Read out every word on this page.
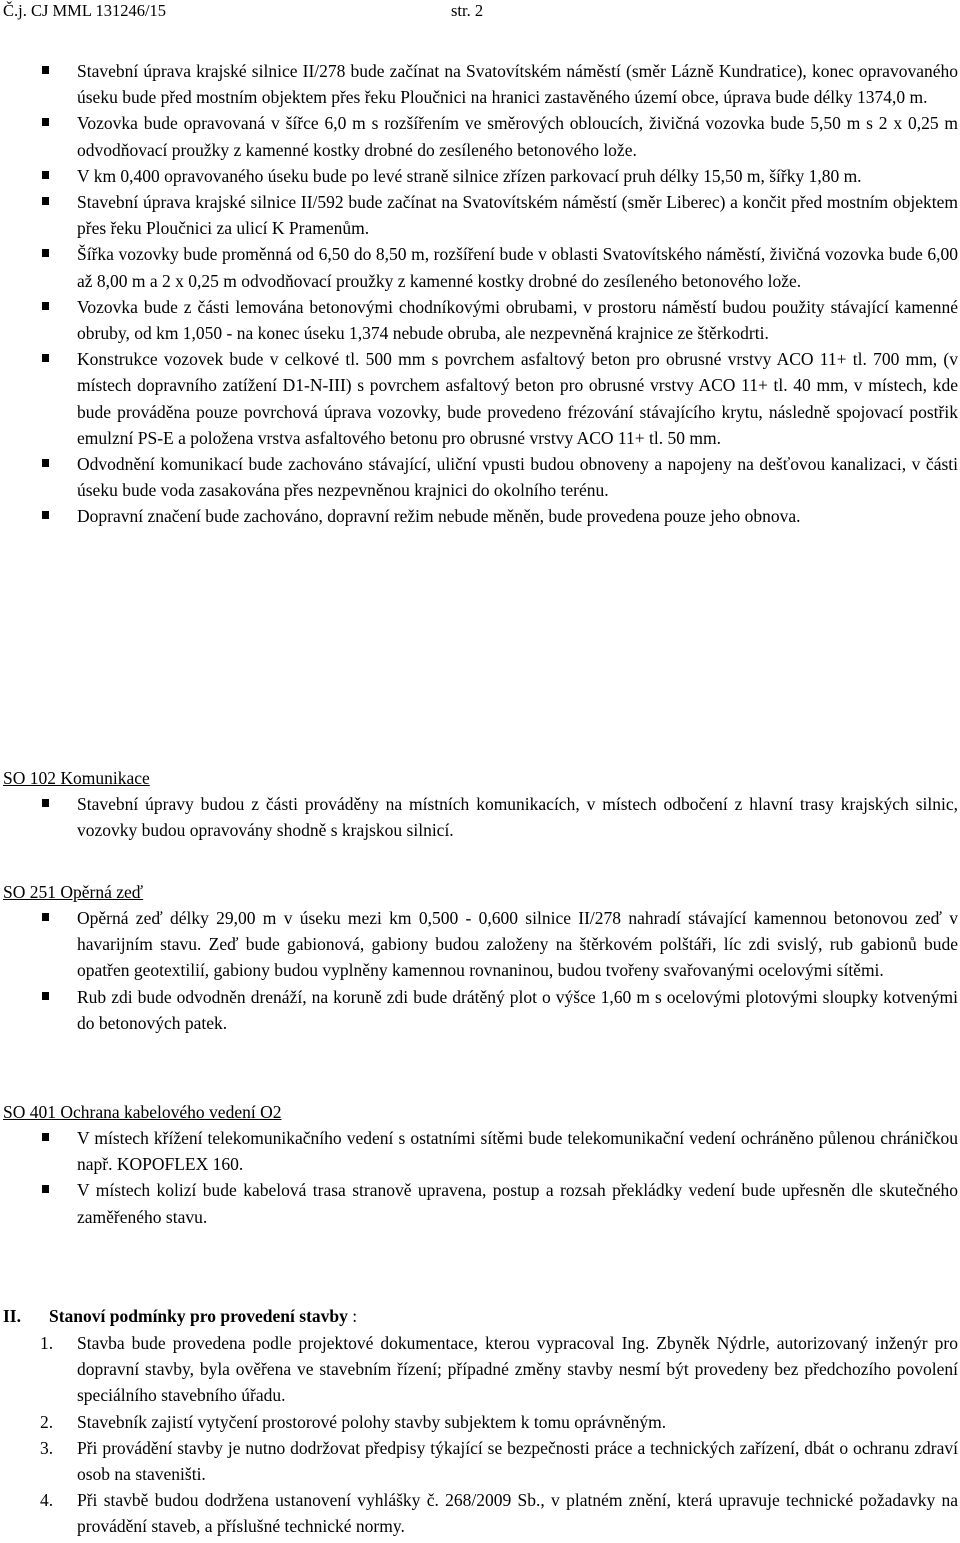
Č.j. CJ MML 131246/15	str. 2
Stavební úprava krajské silnice II/278 bude začínat na Svatovítském náměstí (směr Lázně Kundratice), konec opravovaného úseku bude před mostním objektem přes řeku Ploučnici na hranici zastavěného území obce, úprava bude délky 1374,0 m.
Vozovka bude opravovaná v šířce 6,0 m s rozšířením ve směrových obloucích, živičná vozovka bude 5,50 m s 2 x 0,25 m odvodňovací proužky z kamenné kostky drobné do zesíleného betonového lože.
V km 0,400 opravovaného úseku bude po levé straně silnice zřízen parkovací pruh délky 15,50 m, šířky 1,80 m.
Stavební úprava krajské silnice II/592 bude začínat na Svatovítském náměstí (směr Liberec) a končit před mostním objektem přes řeku Ploučnici za ulicí K Pramenům.
Šířka vozovky bude proměnná od 6,50 do 8,50 m, rozšíření bude v oblasti Svatovítského náměstí, živičná vozovka bude 6,00 až 8,00 m a 2 x 0,25 m odvodňovací proužky z kamenné kostky drobné do zesíleného betonového lože.
Vozovka bude z části lemována betonovými chodníkovými obrubami, v prostoru náměstí budou použity stávající kamenné obruby, od km 1,050 - na konec úseku 1,374 nebude obruba, ale nezpevněná krajnice ze štěrkodrti.
Konstrukce vozovek bude v celkové tl. 500 mm s povrchem asfaltový beton pro obrusné vrstvy ACO 11+ tl. 700 mm, (v místech dopravního zatížení D1-N-III) s povrchem asfaltový beton pro obrusné vrstvy ACO 11+ tl. 40 mm, v místech, kde bude prováděna pouze povrchová úprava vozovky, bude provedeno frézování stávajícího krytu, následně spojovací postřik emulzní PS-E a položena vrstva asfaltového betonu pro obrusné vrstvy ACO 11+ tl. 50 mm.
Odvodnění komunikací bude zachováno stávající, uliční vpusti budou obnoveny a napojeny na dešťovou kanalizaci, v části úseku bude voda zasakována přes nezpevněnou krajnici do okolního terénu.
Dopravní značení bude zachováno, dopravní režim nebude měněn, bude provedena pouze jeho obnova.
SO 102 Komunikace
Stavební úpravy budou z části prováděny na místních komunikacích, v místech odbočení z hlavní trasy krajských silnic, vozovky budou opravovány shodně s krajskou silnicí.
SO 251 Opěrná zeď
Opěrná zeď délky 29,00 m v úseku mezi km 0,500 - 0,600 silnice II/278 nahradí stávající kamennou betonovou zeď v havarijním stavu. Zeď bude gabionová, gabiony budou založeny na štěrkovém polštáři, líc zdi svislý, rub gabionů bude opatřen geotextilií, gabiony budou vyplněny kamennou rovnaninou, budou tvořeny svařovanými ocelovými sítěmi.
Rub zdi bude odvodněn drenáží, na koruně zdi bude drátěný plot o výšce 1,60 m s ocelovými plotovými sloupky kotvenými do betonových patek.
SO 401 Ochrana kabelového vedení O2
V místech křížení telekomunikačního vedení s ostatními sítěmi bude telekomunikační vedení ochráněno půlenou chráničkou např. KOPOFLEX 160.
V místech kolizí bude kabelová trasa stranově upravena, postup a rozsah překládky vedení bude upřesněn dle skutečného zaměřeného stavu.
II. Stanoví podmínky pro provedení stavby :
1. Stavba bude provedena podle projektové dokumentace, kterou vypracoval Ing. Zbyněk Nýdrle, autorizovaný inženýr pro dopravní stavby, byla ověřena ve stavebním řízení; případné změny stavby nesmí být provedeny bez předchozího povolení speciálního stavebního úřadu.
2. Stavebník zajistí vytyčení prostorové polohy stavby subjektem k tomu oprávněným.
3. Při provádění stavby je nutno dodržovat předpisy týkající se bezpečnosti práce a technických zařízení, dbát o ochranu zdraví osob na staveništi.
4. Při stavbě budou dodržena ustanovení vyhlášky č. 268/2009 Sb., v platném znění, která upravuje technické požadavky na provádění staveb, a příslušné technické normy.
